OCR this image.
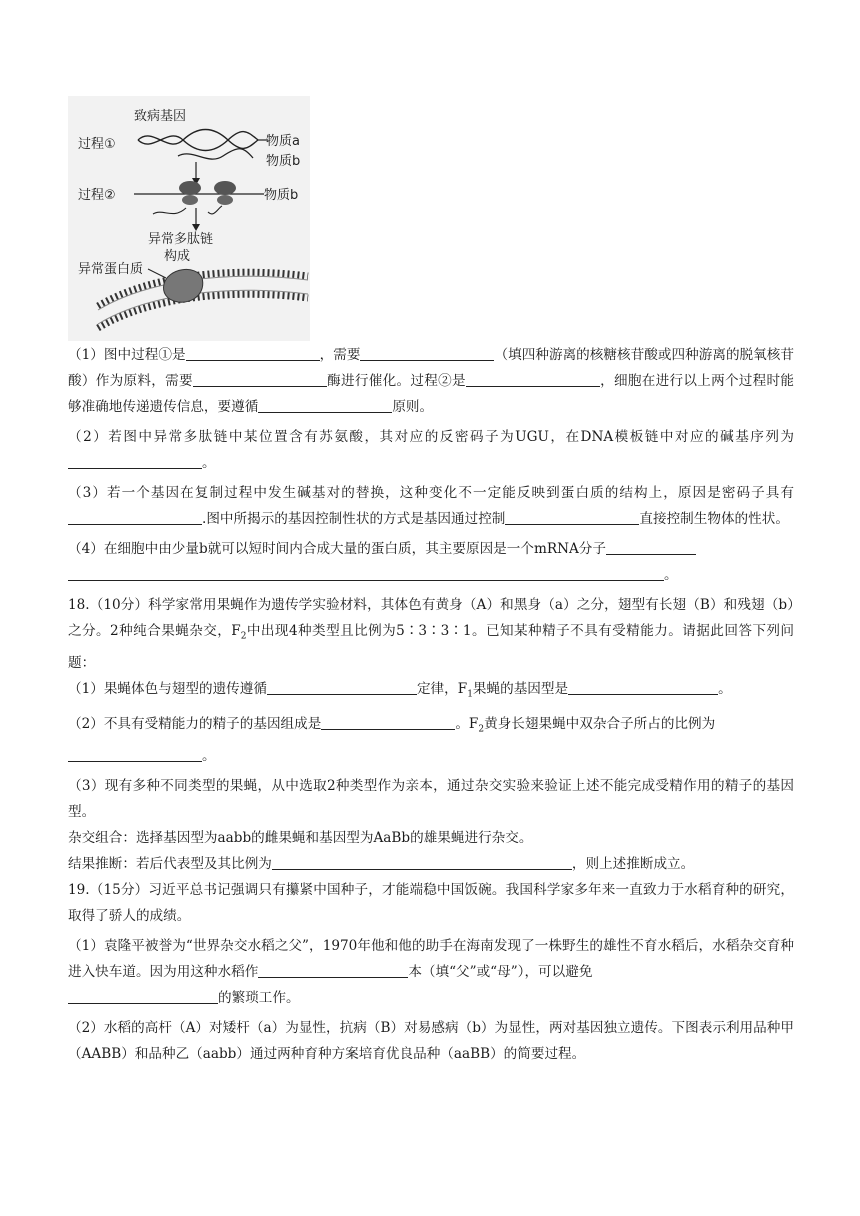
致病基因
过程①	物质a
物质b
过程②	物质b
异常多肽链
构成
异常蛋白质

（1）图中过程①是	，需要	（填四种游离的核糖核苷酸或四种游离的脱氧核苷酸）作为原料，需要	酶进行催化。过程②是	，细胞在进行以上两个过程时能够准确地传递遗传信息，要遵循	原则。

（2）若图中异常多肽链中某位置含有苏氨酸，其对应的反密码子为UGU，在DNA模板链中对应的碱基序列为。

（3）若一个基因在复制过程中发生碱基对的替换，这种变化不一定能反映到蛋白质的结构上，原因是密码子具有.图中所揭示的基因控制性状的方式是基因通过控制	直接控制生物体的性状。

（4）在细胞中由少量b就可以短时间内合成大量的蛋白质，其主要原因是一个mRNA分子
。

18.（10分）科学家常用果蝇作为遗传学实验材料，其体色有黄身（A）和黑身（a）之分，翅型有长翅（B）和残翅（b）之分。2种纯合果蝇杂交，$F_2$中出现4种类型且比例为5∶3∶3∶1。已知某种精子不具有受精能力。请据此回答下列问题：

（1）果蝇体色与翅型的遗传遵循	定律，$F_1$果蝇的基因型是	。

（2）不具有受精能力的精子的基因组成是	。$F_2$黄身长翅果蝇中双杂合子所占的比例为
。

（3）现有多种不同类型的果蝇，从中选取2种类型作为亲本，通过杂交实验来验证上述不能完成受精作用的精子的基因型。

杂交组合：选择基因型为aabb的雌果蝇和基因型为AaBb的雄果蝇进行杂交。

结果推断：若后代表型及其比例为	，则上述推断成立。

19.（15分）习近平总书记强调只有攥紧中国种子，才能端稳中国饭碗。我国科学家多年来一直致力于水稻育种的研究，取得了骄人的成绩。

（1）袁隆平被誉为“世界杂交水稻之父”，1970年他和他的助手在海南发现了一株野生的雄性不育水稻后，水稻杂交育种进入快车道。因为用这种水稻作	本（填“父”或“母”），可以避免
的繁琐工作。

（2）水稻的高杆（A）对矮杆（a）为显性，抗病（B）对易感病（b）为显性，两对基因独立遗传。下图表示利用品种甲（AABB）和品种乙（aabb）通过两种育种方案培育优良品种（aaBB）的简要过程。
